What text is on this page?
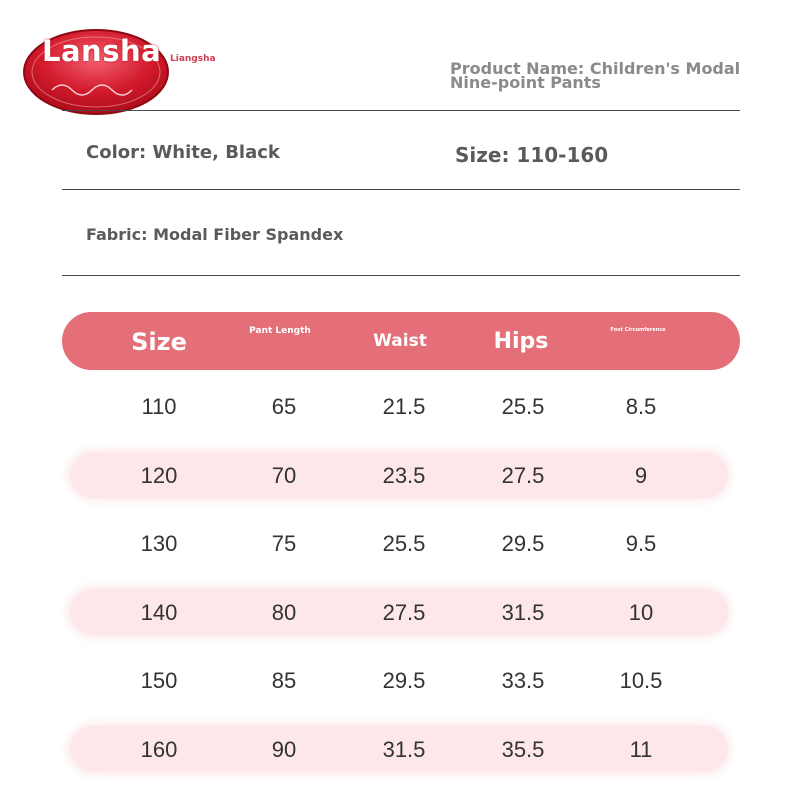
Lansha Liangsha	Product Name: Children's Modal Nine-point Pants
Color: White, Black	Size: 110-160
Fabric: Modal Fiber Spandex
Size	Pant Length	Waist	Hips	Foot Circumference
110	65	21.5	25.5	8.5
120	70	23.5	27.5	9
130	75	25.5	29.5	9.5
140	80	27.5	31.5	10
150	85	29.5	33.5	10.5
160	90	31.5	35.5	11
